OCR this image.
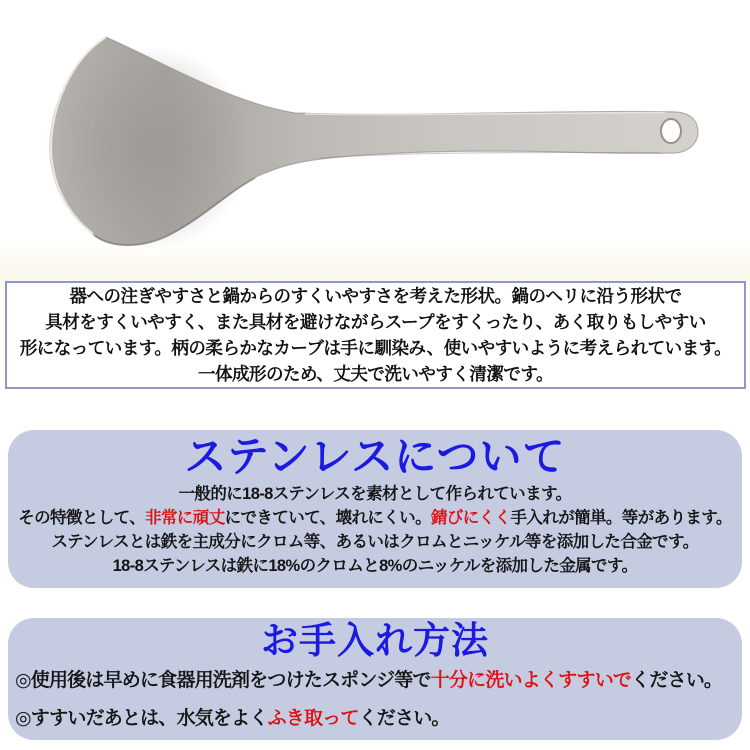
器への注ぎやすさと鍋からのすくいやすさを考えた形状。鍋のヘリに沿う形状で
具材をすくいやすく、また具材を避けながらスープをすくったり、あく取りもしやすい
形になっています。柄の柔らかなカーブは手に馴染み、使いやすいように考えられています。
一体成形のため、丈夫で洗いやすく清潔です。
ステンレスについて
一般的に18-8ステンレスを素材として作られています。
その特徴として、非常に頑丈にできていて、壊れにくい。錆びにくく手入れが簡単。等があります。
ステンレスとは鉄を主成分にクロム等、あるいはクロムとニッケル等を添加した合金です。
18-8ステンレスは鉄に18%のクロムと8%のニッケルを添加した金属です。
お手入れ方法
◎使用後は早めに食器用洗剤をつけたスポンジ等で十分に洗いよくすすいでください。
◎すすいだあとは、水気をよくふき取ってください。
